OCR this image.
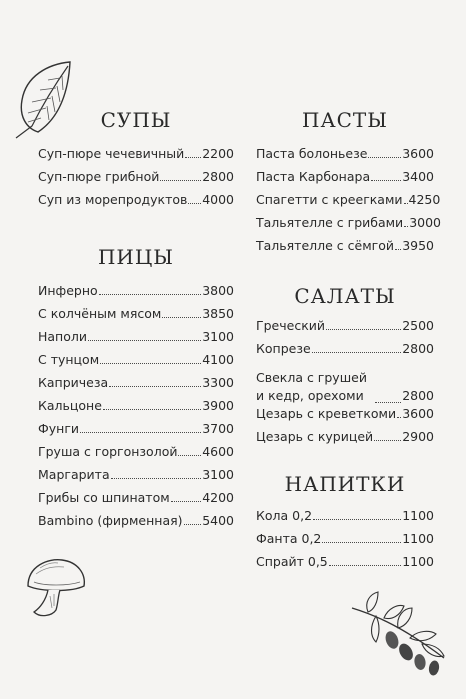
СУПЫ
Суп-пюре чечевичный 2200
Суп-пюре грибной	2800
Суп из морепродуктов 4000
ПИЦЫ
Инферно	3800
С колчёным мясом	3850
Наполи	3100
С тунцом	4100
Капричеза	3300
Кальцоне	3900
Фунги	3700
Груша с горгонзолой 4600
Маргарита	3100
Грибы со шпинатом	4200
Bambino (фирменная) 5400
ПАСТЫ
Паста болоньезе	3600
Паста Карбонара	3400
Спагетти с креегками 4250
Тальятелле с грибами 3000
Тальятелле с сёмгой 3950
САЛАТЫ
Греческий	2500
Копрезе	2800
Свекла с грушей и кедр, орехоми	2800
Цезарь с креветкоми 3600
Цезарь с курицей 2900
НАПИТКИ
Кола 0,2	1100
Фанта 0,2	1100
Спрайт 0,5	1100
